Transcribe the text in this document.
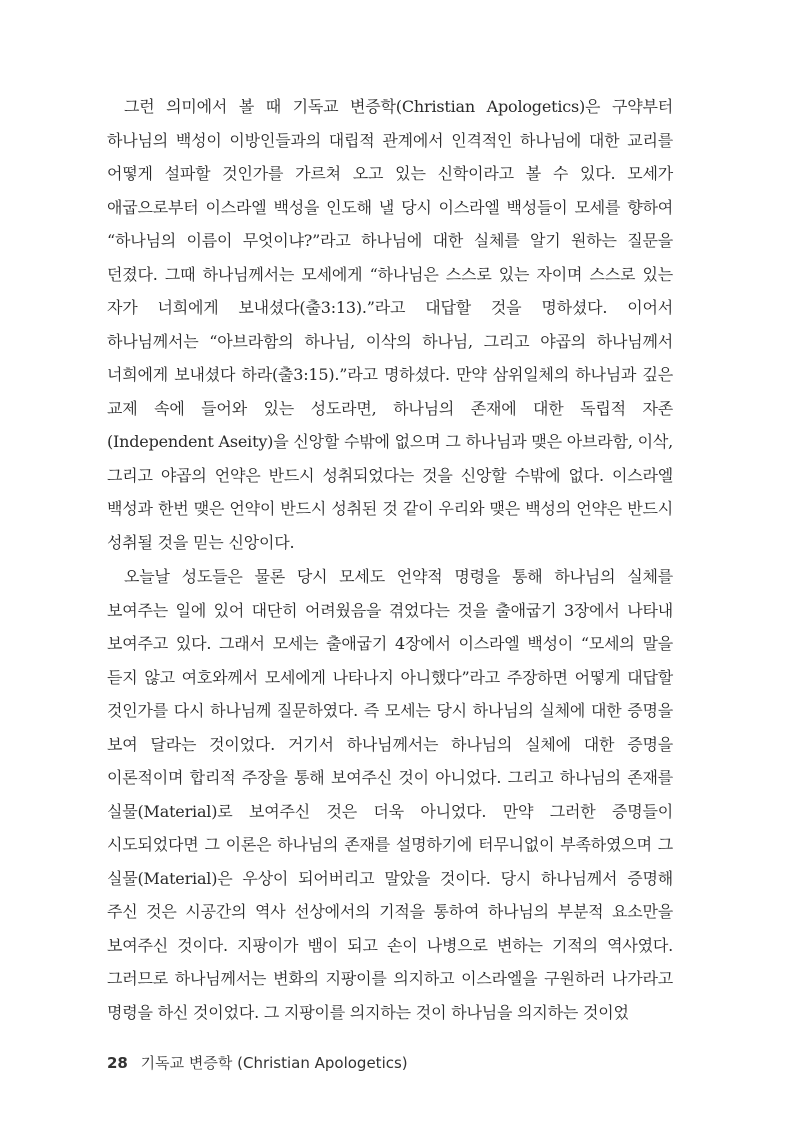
그런 의미에서 볼 때 기독교 변증학(Christian Apologetics)은 구약부터 하나님의 백성이 이방인들과의 대립적 관계에서 인격적인 하나님에 대한 교리를 어떻게 설파할 것인가를 가르쳐 오고 있는 신학이라고 볼 수 있다. 모세가 애굽으로부터 이스라엘 백성을 인도해 낼 당시 이스라엘 백성들이 모세를 향하여 “하나님의 이름이 무엇이냐?”라고 하나님에 대한 실체를 알기 원하는 질문을 던졌다. 그때 하나님께서는 모세에게 “하나님은 스스로 있는 자이며 스스로 있는 자가 너희에게 보내셨다(출3:13).”라고 대답할 것을 명하셨다. 이어서 하나님께서는 “아브라함의 하나님, 이삭의 하나님, 그리고 야곱의 하나님께서 너희에게 보내셨다 하라(출3:15).”라고 명하셨다. 만약 삼위일체의 하나님과 깊은 교제 속에 들어와 있는 성도라면, 하나님의 존재에 대한 독립적 자존(Independent Aseity)을 신앙할 수밖에 없으며 그 하나님과 맺은 아브라함, 이삭, 그리고 야곱의 언약은 반드시 성취되었다는 것을 신앙할 수밖에 없다. 이스라엘 백성과 한번 맺은 언약이 반드시 성취된 것 같이 우리와 맺은 백성의 언약은 반드시 성취될 것을 믿는 신앙이다.

오늘날 성도들은 물론 당시 모세도 언약적 명령을 통해 하나님의 실체를 보여주는 일에 있어 대단히 어려웠음을 겪었다는 것을 출애굽기 3장에서 나타내 보여주고 있다. 그래서 모세는 출애굽기 4장에서 이스라엘 백성이 “모세의 말을 듣지 않고 여호와께서 모세에게 나타나지 아니했다”라고 주장하면 어떻게 대답할 것인가를 다시 하나님께 질문하였다. 즉 모세는 당시 하나님의 실체에 대한 증명을 보여 달라는 것이었다. 거기서 하나님께서는 하나님의 실체에 대한 증명을 이론적이며 합리적 주장을 통해 보여주신 것이 아니었다. 그리고 하나님의 존재를 실물(Material)로 보여주신 것은 더욱 아니었다. 만약 그러한 증명들이 시도되었다면 그 이론은 하나님의 존재를 설명하기에 터무니없이 부족하였으며 그 실물(Material)은 우상이 되어버리고 말았을 것이다. 당시 하나님께서 증명해 주신 것은 시공간의 역사 선상에서의 기적을 통하여 하나님의 부분적 요소만을 보여주신 것이다. 지팡이가 뱀이 되고 손이 나병으로 변하는 기적의 역사였다. 그러므로 하나님께서는 변화의 지팡이를 의지하고 이스라엘을 구원하러 나가라고 명령을 하신 것이었다. 그 지팡이를 의지하는 것이 하나님을 의지하는 것이었

28 기독교 변증학 (Christian Apologetics)
